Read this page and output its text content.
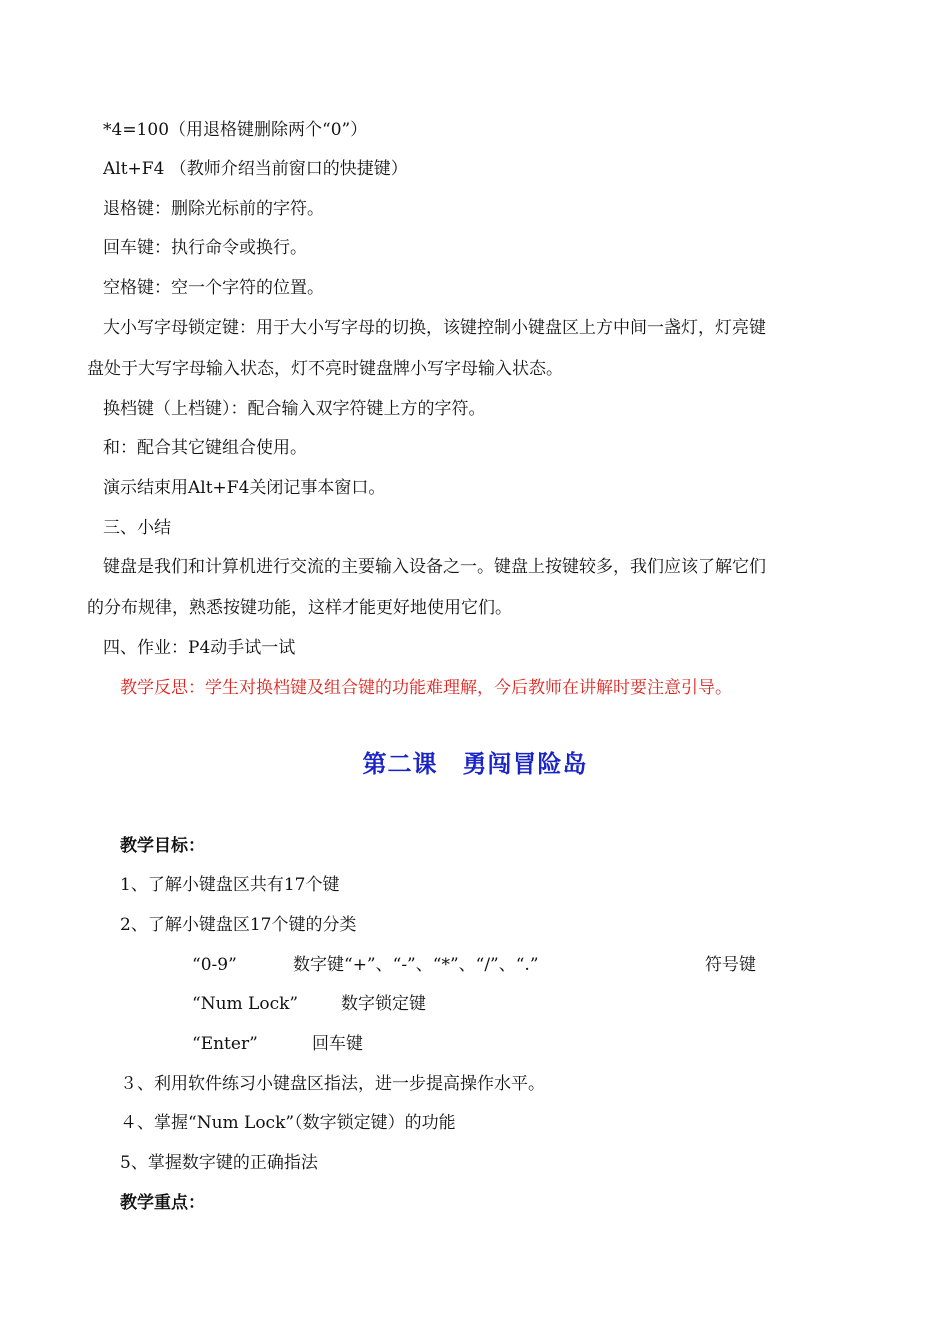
*4=100（用退格键删除两个“0”）
Alt+F4 （教师介绍当前窗口的快捷键）
退格键：删除光标前的字符。
回车键：执行命令或换行。
空格键：空一个字符的位置。
大小写字母锁定键：用于大小写字母的切换，该键控制小键盘区上方中间一盏灯，灯亮键
盘处于大写字母输入状态，灯不亮时键盘牌小写字母输入状态。
换档键（上档键）：配合输入双字符键上方的字符。
和：配合其它键组合使用。
演示结束用Alt+F4关闭记事本窗口。
三、小结
键盘是我们和计算机进行交流的主要输入设备之一。键盘上按键较多，我们应该了解它们
的分布规律，熟悉按键功能，这样才能更好地使用它们。
四、作业：P4动手试一试
教学反思：学生对换档键及组合键的功能难理解，今后教师在讲解时要注意引导。
第二课　勇闯冒险岛
教学目标：
1、了解小键盘区共有17个键
2、了解小键盘区17个键的分类
“0-9”	数字键“+”、“-”、“*”、“/”、“.”	符号键
“Num Lock”	数字锁定键
“Enter”	回车键
３、利用软件练习小键盘区指法，进一步提高操作水平。
４、掌握“Num Lock”（数字锁定键）的功能
5、掌握数字键的正确指法
教学重点：
